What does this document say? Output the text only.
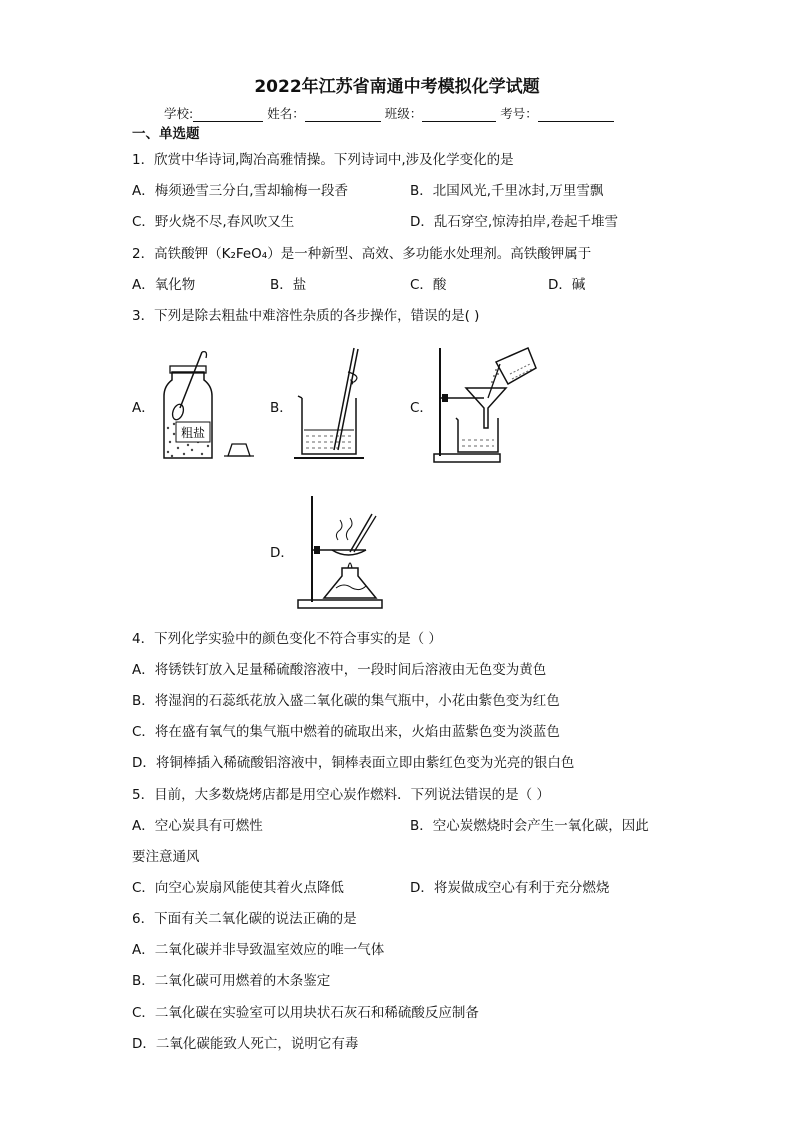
2022年江苏省南通中考模拟化学试题
学校:	姓名：	班级：	考号：
一、单选题
1．欣赏中华诗词,陶冶高雅情操。下列诗词中,涉及化学变化的是
A．梅须逊雪三分白,雪却输梅一段香	B．北国风光,千里冰封,万里雪飘
C．野火烧不尽,春风吹又生	D．乱石穿空,惊涛拍岸,卷起千堆雪
2．高铁酸钾（K₂FeO₄）是一种新型、高效、多功能水处理剂。高铁酸钾属于
A．氧化物	B．盐	C．酸	D．碱
3．下列是除去粗盐中难溶性杂质的各步操作，错误的是( )
A．
粗盐
B．	C．
D．
4．下列化学实验中的颜色变化不符合事实的是（ ）
A．将锈铁钉放入足量稀硫酸溶液中，一段时间后溶液由无色变为黄色
B．将湿润的石蕊纸花放入盛二氧化碳的集气瓶中，小花由紫色变为红色
C．将在盛有氧气的集气瓶中燃着的硫取出来，火焰由蓝紫色变为淡蓝色
D．将铜棒插入稀硫酸铝溶液中，铜棒表面立即由紫红色变为光亮的银白色
5．目前，大多数烧烤店都是用空心炭作燃料．下列说法错误的是（ ）
A．空心炭具有可燃性	B．空心炭燃烧时会产生一氧化碳，因此
要注意通风
C．向空心炭扇风能使其着火点降低	D．将炭做成空心有利于充分燃烧
6．下面有关二氧化碳的说法正确的是
A．二氧化碳并非导致温室效应的唯一气体
B．二氧化碳可用燃着的木条鉴定
C．二氧化碳在实验室可以用块状石灰石和稀硫酸反应制备
D．二氧化碳能致人死亡，说明它有毒
